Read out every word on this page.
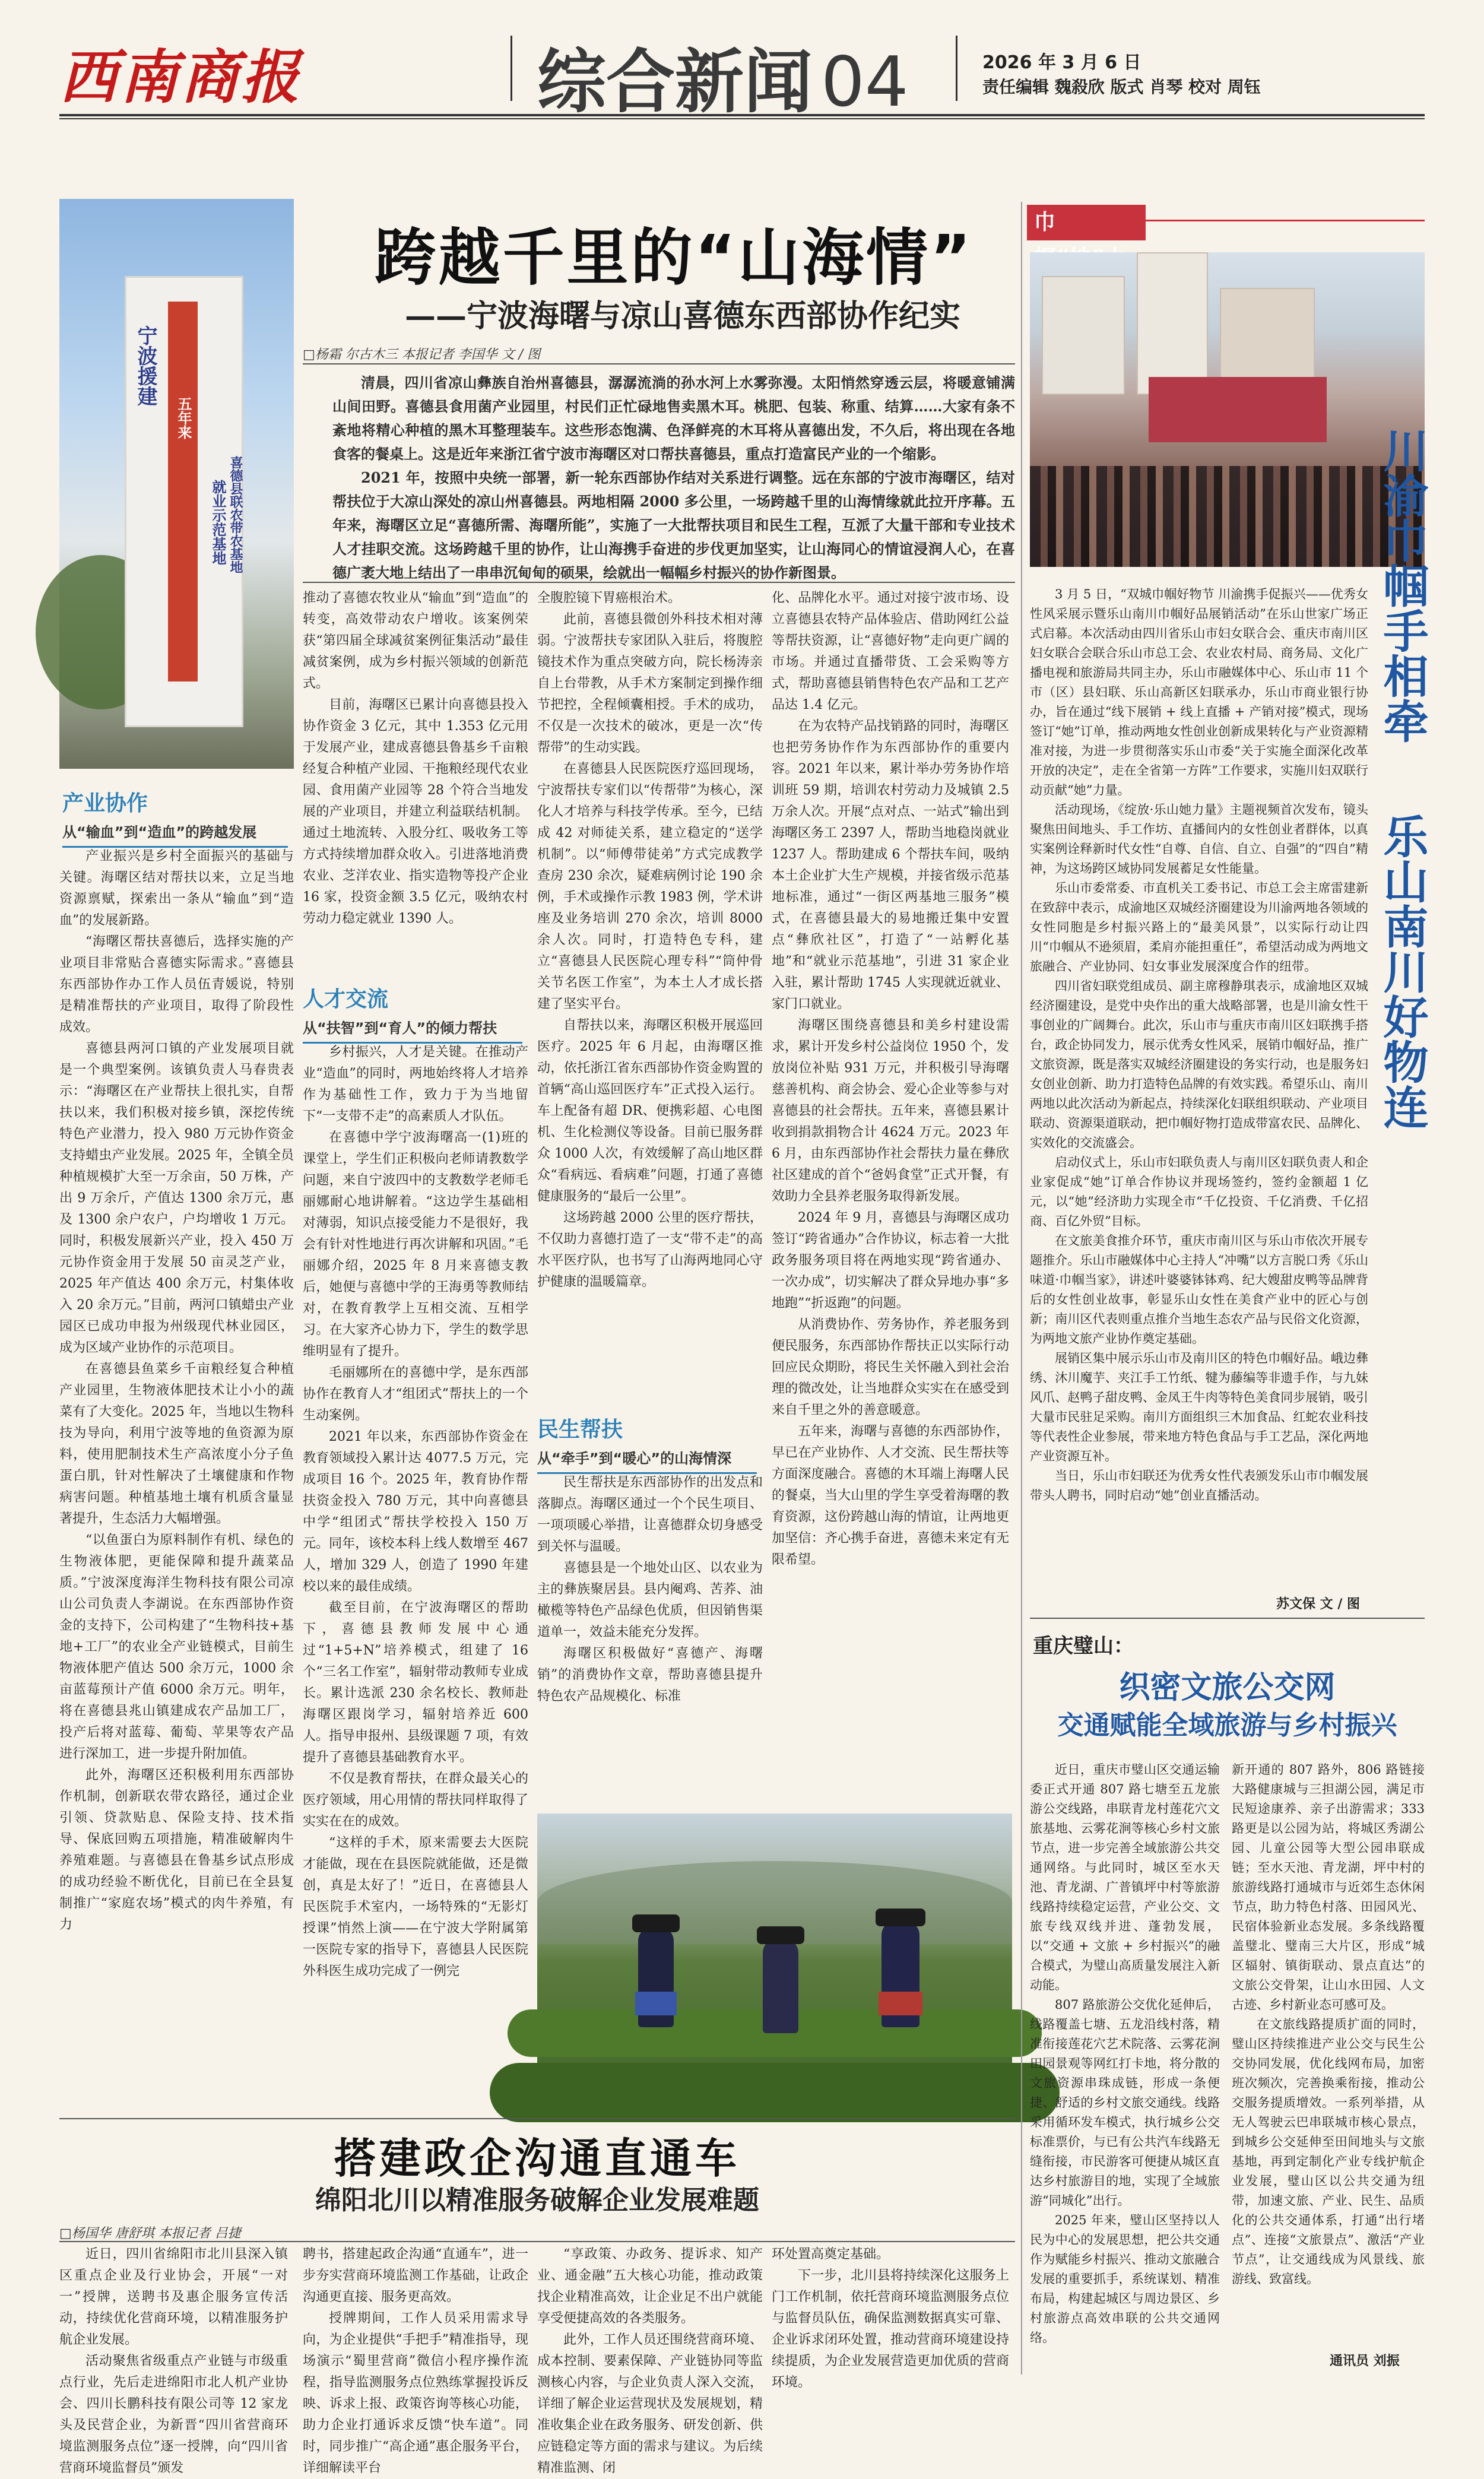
西南商报	综合新闻 04	2026 年 3 月 6 日
责任编辑 魏殺欣 版式 肖琴 校对 周钰
宁波援建
就业示范基地
五年来
喜德县联农带农基地
跨越千里的“山海情”
——宁波海曙与凉山喜德东西部协作纪实
□杨霜 尔古木三 本报记者 李国华 文 / 图

清晨，四川省凉山彝族自治州喜德县，潺潺流淌的孙水河上水雾弥漫。太阳悄然穿透云层，将暖意铺满山间田野。喜德县食用菌产业园里，村民们正忙碌地售卖黑木耳。桃肥、包装、称重、结算……大家有条不紊地将精心种植的黑木耳整理装车。这些形态饱满、色泽鲜亮的木耳将从喜德出发，不久后，将出现在各地食客的餐桌上。这是近年来浙江省宁波市海曙区对口帮扶喜德县，重点打造富民产业的一个缩影。

2021 年，按照中央统一部署，新一轮东西部协作结对关系进行调整。远在东部的宁波市海曙区，结对帮扶位于大凉山深处的凉山州喜德县。两地相隔 2000 多公里，一场跨越千里的山海情缘就此拉开序幕。五年来，海曙区立足“喜德所需、海曙所能”，实施了一大批帮扶项目和民生工程，互派了大量干部和专业技术人才挂职交流。这场跨越千里的协作，让山海携手奋进的步伐更加坚实，让山海同心的情谊浸润人心，在喜德广袤大地上结出了一串串沉甸甸的硕果，绘就出一幅幅乡村振兴的协作新图景。

产业协作
从“输血”到“造血”的跨越发展

产业振兴是乡村全面振兴的基础与关键。海曙区结对帮扶以来，立足当地资源禀赋，探索出一条从“输血”到“造血”的发展新路。

“海曙区帮扶喜德后，选择实施的产业项目非常贴合喜德实际需求。”喜德县东西部协作办工作人员伍青媛说，特别是精准帮扶的产业项目，取得了阶段性成效。

喜德县两河口镇的产业发展项目就是一个典型案例。该镇负责人马春贵表示：“海曙区在产业帮扶上很扎实，自帮扶以来，我们积极对接乡镇，深挖传统特色产业潜力，投入 980 万元协作资金支持蜡虫产业发展。2025 年，全镇全员种植规模扩大至一万余亩，50 万株，产出 9 万余斤，产值达 1300 余万元，惠及 1300 余户农户，户均增收 1 万元。同时，积极发展新兴产业，投入 450 万元协作资金用于发展 50 亩灵芝产业，2025 年产值达 400 余万元，村集体收入 20 余万元。”目前，两河口镇蜡虫产业园区已成功申报为州级现代林业园区，成为区域产业协作的示范项目。

在喜德县鱼菜乡千亩粮经复合种植产业园里，生物液体肥技术让小小的蔬菜有了大变化。2025 年，当地以生物科技为导向，利用宁波等地的鱼资源为原料，使用肥制技术生产高浓度小分子鱼蛋白肌，针对性解决了土壤健康和作物病害问题。种植基地土壤有机质含量显著提升，生态活力大幅增强。

“以鱼蛋白为原料制作有机、绿色的生物液体肥，更能保障和提升蔬菜品质。”宁波深度海洋生物科技有限公司凉山公司负责人李湖说。在东西部协作资金的支持下，公司构建了“生物科技+基地+工厂”的农业全产业链模式，目前生物液体肥产值达 500 余万元，1000 余亩蓝莓预计产值 6000 余万元。明年，将在喜德县兆山镇建成农产品加工厂，投产后将对蓝莓、葡萄、苹果等农产品进行深加工，进一步提升附加值。

此外，海曙区还积极利用东西部协作机制，创新联农带农路径，通过企业引领、贷款贴息、保险支持、技术指导、保底回购五项措施，精准破解肉牛养殖难题。与喜德县在鲁基乡试点形成的成功经验不断优化，目前已在全县复制推广“家庭农场”模式的肉牛养殖，有力

推动了喜德农牧业从“输血”到“造血”的转变，高效带动农户增收。该案例荣获“第四届全球减贫案例征集活动”最佳减贫案例，成为乡村振兴领域的创新范式。

目前，海曙区已累计向喜德县投入协作资金 3 亿元，其中 1.353 亿元用于发展产业，建成喜德县鲁基乡千亩粮经复合种植产业园、干拖粮经现代农业园、食用菌产业园等 28 个符合当地发展的产业项目，并建立利益联结机制。通过土地流转、入股分红、吸收务工等方式持续增加群众收入。引进落地消费农业、芝洋农业、指实造物等投产企业 16 家，投资金额 3.5 亿元，吸纳农村劳动力稳定就业 1390 人。

人才交流
从“扶智”到“育人”的倾力帮扶

乡村振兴，人才是关键。在推动产业“造血”的同时，两地始终将人才培养作为基础性工作，致力于为当地留下“一支带不走”的高素质人才队伍。

在喜德中学宁波海曙高一(1)班的课堂上，学生们正积极向老师请教数学问题，来自宁波四中的支教数学老师毛丽娜耐心地讲解着。“这边学生基础相对薄弱，知识点接受能力不是很好，我会有针对性地进行再次讲解和巩固。”毛丽娜介绍，2025 年 8 月来喜德支教后，她便与喜德中学的王海勇等教师结对，在教育教学上互相交流、互相学习。在大家齐心协力下，学生的数学思维明显有了提升。

毛丽娜所在的喜德中学，是东西部协作在教育人才“组团式”帮扶上的一个生动案例。

2021 年以来，东西部协作资金在教育领域投入累计达 4077.5 万元，完成项目 16 个。2025 年，教育协作帮扶资金投入 780 万元，其中向喜德县中学“组团式”帮扶学校投入 150 万元。同年，该校本科上线人数增至 467 人，增加 329 人，创造了 1990 年建校以来的最佳成绩。

截至目前，在宁波海曙区的帮助下，喜德县教师发展中心通过“1+5+N”培养模式，组建了 16 个“三名工作室”，辐射带动教师专业成长。累计选派 230 余名校长、教师赴海曙区跟岗学习，辐射培养近 600 人。指导申报州、县级课题 7 项，有效提升了喜德县基础教育水平。

不仅是教育帮扶，在群众最关心的医疗领域，用心用情的帮扶同样取得了实实在在的成效。

“这样的手术，原来需要去大医院才能做，现在在县医院就能做，还是微创，真是太好了！”近日，在喜德县人民医院手术室内，一场特殊的“无影灯授课”悄然上演——在宁波大学附属第一医院专家的指导下，喜德县人民医院外科医生成功完成了一例完

全腹腔镜下胃癌根治术。

此前，喜德县微创外科技术相对薄弱。宁波帮扶专家团队入驻后，将腹腔镜技术作为重点突破方向，院长杨涛亲自上台带教，从手术方案制定到操作细节把控，全程倾囊相授。手术的成功，不仅是一次技术的破冰，更是一次“传帮带”的生动实践。

在喜德县人民医院医疗巡回现场，宁波帮扶专家们以“传帮带”为核心，深化人才培养与科技学传承。至今，已结成 42 对师徒关系，建立稳定的“送学机制”。以“师傅带徒弟”方式完成教学查房 230 余次，疑难病例讨论 190 余例，手术或操作示教 1983 例，学术讲座及业务培训 270 余次，培训 8000 余人次。同时，打造特色专科，建立“喜德县人民医院心理专科”“筒仲骨关节名医工作室”，为本土人才成长搭建了坚实平台。

自帮扶以来，海曙区积极开展巡回医疗。2025 年 6 月起，由海曙区推动，依托浙江省东西部协作资金购置的首辆“高山巡回医疗车”正式投入运行。车上配备有超 DR、便携彩超、心电图机、生化检测仪等设备。目前已服务群众 1000 人次，有效缓解了高山地区群众“看病远、看病难”问题，打通了喜德健康服务的“最后一公里”。

这场跨越 2000 公里的医疗帮扶，不仅助力喜德打造了一支“带不走”的高水平医疗队，也书写了山海两地同心守护健康的温暖篇章。

民生帮扶
从“牵手”到“暖心”的山海情深

民生帮扶是东西部协作的出发点和落脚点。海曙区通过一个个民生项目、一项项暖心举措，让喜德群众切身感受到关怀与温暖。

喜德县是一个地处山区、以农业为主的彝族聚居县。县内阉鸡、苦荞、油橄榄等特色产品绿色优质，但因销售渠道单一，效益未能充分发挥。

海曙区积极做好“喜德产、海曙销”的消费协作文章，帮助喜德县提升特色农产品规模化、标准

化、品牌化水平。通过对接宁波市场、设立喜德县农特产品体验店、借助网红公益等帮扶资源，让“喜德好物”走向更广阔的市场。并通过直播带货、工会采购等方式，帮助喜德县销售特色农产品和工艺产品达 1.4 亿元。

在为农特产品找销路的同时，海曙区也把劳务协作作为东西部协作的重要内容。2021 年以来，累计举办劳务协作培训班 59 期，培训农村劳动力及城镇 2.5 万余人次。开展“点对点、一站式”输出到海曙区务工 2397 人，帮助当地稳岗就业 1237 人。帮助建成 6 个帮扶车间，吸纳本土企业扩大生产规模，并接省级示范基地标准，通过“一街区两基地三服务”模式，在喜德县最大的易地搬迁集中安置点“彝欣社区”，打造了“一站孵化基地”和“就业示范基地”，引进 31 家企业入驻，累计帮助 1745 人实现就近就业、家门口就业。

海曙区围绕喜德县和美乡村建设需求，累计开发乡村公益岗位 1950 个，发放岗位补贴 931 万元，并积极引导海曙慈善机构、商会协会、爱心企业等参与对喜德县的社会帮扶。五年来，喜德县累计收到捐款捐物合计 4624 万元。2023 年 6 月，由东西部协作社会帮扶力量在彝欣社区建成的首个“爸妈食堂”正式开餐，有效助力全县养老服务取得新发展。

2024 年 9 月，喜德县与海曙区成功签订“跨省通办”合作协议，标志着一大批政务服务项目将在两地实现“跨省通办、一次办成”，切实解决了群众异地办事“多地跑”“折返跑”的问题。

从消费协作、劳务协作，养老服务到便民服务，东西部协作帮扶正以实际行动回应民众期盼，将民生关怀融入到社会治理的微改处，让当地群众实实在在感受到来自千里之外的善意暖意。

五年来，海曙与喜德的东西部协作，早已在产业协作、人才交流、民生帮扶等方面深度融合。喜德的木耳端上海曙人民的餐桌，当大山里的学生享受着海曙的教育资源，这份跨越山海的情谊，让两地更加坚信：齐心携手奋进，喜德未来定有无限希望。

搭建政企沟通直通车
绵阳北川以精准服务破解企业发展难题
□杨国华 唐舒琪 本报记者 吕捷

近日，四川省绵阳市北川县深入镇区重点企业及行业协会，开展“一对一”授牌，送聘书及惠企服务宣传活动，持续优化营商环境，以精准服务护航企业发展。

活动聚焦省级重点产业链与市级重点行业，先后走进绵阳市北人机产业协会、四川长鹏科技有限公司等 12 家龙头及民营企业，为新晋“四川省营商环境监测服务点位”逐一授牌，向“四川省营商环境监督员”颁发

聘书，搭建起政企沟通“直通车”，进一步夯实营商环境监测工作基础，让政企沟通更直接、服务更高效。

授牌期间，工作人员采用需求导向，为企业提供“手把手”精准指导，现场演示“蜀里营商”微信小程序操作流程，指导监测服务点位熟练掌握投诉反映、诉求上报、政策咨询等核心功能，助力企业打通诉求反馈“快车道”。同时，同步推广“高企通”惠企服务平台，详细解读平台

“享政策、办政务、提诉求、知产业、通金融”五大核心功能，推动政策找企业精准高效，让企业足不出户就能享受便捷高效的各类服务。

此外，工作人员还围绕营商环境、成本控制、要素保障、产业链协同等监测核心内容，与企业负责人深入交流，详细了解企业运营现状及发展规划，精准收集企业在政务服务、研发创新、供应链稳定等方面的需求与建议。为后续精准监测、闭

环处置高奠定基础。

下一步，北川县将持续深化这服务上门工作机制，依托营商环境监测服务点位与监督员队伍，确保监测数据真实可靠、企业诉求闭环处置，推动营商环境建设持续提质，为企业发展营造更加优质的营商环境。

巾
川渝巾帼手相牵
乐山南川好物连

3 月 5 日，“双城巾帼好物节 川渝携手促振兴——优秀女性风采展示暨乐山南川巾帼好品展销活动”在乐山世家广场正式启幕。本次活动由四川省乐山市妇女联合会、重庆市南川区妇女联合会联合乐山市总工会、农业农村局、商务局、文化广播电视和旅游局共同主办，乐山市融媒体中心、乐山市 11 个市（区）县妇联、乐山高新区妇联承办，乐山市商业银行协办，旨在通过“线下展销 + 线上直播 + 产销对接”模式，现场签订“她”订单，推动两地女性创业创新成果转化与产业资源精准对接，为进一步贯彻落实乐山市委“关于实施全面深化改革开放的决定”，走在全省第一方阵”工作要求，实施川妇双联行动贡献“她”力量。

活动现场，《绽放·乐山她力量》主题视频首次发布，镜头聚焦田间地头、手工作坊、直播间内的女性创业者群体，以真实案例诠释新时代女性“自尊、自信、自立、自强”的“四自”精神，为这场跨区域协同发展蓄足女性能量。

乐山市委常委、市直机关工委书记、市总工会主席雷建新在致辞中表示，成渝地区双城经济圈建设为川渝两地各领域的女性同胞是乡村振兴路上的“最美风景”，以实际行动让四川“巾帼从不逊须眉，柔肩亦能担重任”，希望活动成为两地文旅融合、产业协同、妇女事业发展深度合作的纽带。

四川省妇联党组成员、副主席穆静琪表示，成渝地区双城经济圈建设，是党中央作出的重大战略部署，也是川渝女性干事创业的广阔舞台。此次，乐山市与重庆市南川区妇联携手搭台，政企协同发力，展示优秀女性风采，展销巾帼好品，推广文旅资源，既是落实双城经济圈建设的务实行动，也是服务妇女创业创新、助力打造特色品牌的有效实践。希望乐山、南川两地以此次活动为新起点，持续深化妇联组织联动、产业项目联动、资源渠道联动，把巾帼好物打造成带富农民、品牌化、实效化的交流盛会。

启动仪式上，乐山市妇联负责人与南川区妇联负责人和企业家促成“她”订单合作协议并现场签约，签约金额超 1 亿元，以“她”经济助力实现全市“千亿投资、千亿消费、千亿招商、百亿外贸”目标。

在文旅美食推介环节，重庆市南川区与乐山市依次开展专题推介。乐山市融媒体中心主持人“冲嘴”以方言脱口秀《乐山味道·巾帼当家》，讲述叶婆婆钵钵鸡、纪大嫂甜皮鸭等品牌背后的女性创业故事，彰显乐山女性在美食产业中的匠心与创新；南川区代表则重点推介当地生态农产品与民俗文化资源，为两地文旅产业协作奠定基础。

展销区集中展示乐山市及南川区的特色巾帼好品。峨边彝绣、沐川魔芋、夹江手工竹纸、犍为藤编等非遗手作，与九妹风爪、赵鸭子甜皮鸭、金凤王牛肉等特色美食同步展销，吸引大量市民驻足采购。南川方面组织三木加食品、红蛇农业科技等代表性企业参展，带来地方特色食品与手工艺品，深化两地产业资源互补。

当日，乐山市妇联还为优秀女性代表颁发乐山市巾帼发展带头人聘书，同时启动“她”创业直播活动。

苏文保 文 / 图
重庆璧山：
织密文旅公交网
交通赋能全域旅游与乡村振兴

近日，重庆市璧山区交通运输委正式开通 807 路七塘至五龙旅游公交线路，串联青龙村莲花穴文旅基地、云雾花涧等核心乡村文旅节点，进一步完善全域旅游公共交通网络。与此同时，城区至水天池、青龙湖、广普镇坪中村等旅游线路持续稳定运营，产业公交、文旅专线双线并进、蓬勃发展，以“交通 + 文旅 + 乡村振兴”的融合模式，为璧山高质量发展注入新动能。

807 路旅游公交优化延伸后，线路覆盖七塘、五龙沿线村落，精准衔接莲花穴艺术院落、云雾花涧田园景观等网红打卡地，将分散的文旅资源串珠成链，形成一条便捷、舒适的乡村文旅交通线。线路采用循环发车模式，执行城乡公交标准票价，与已有公共汽车线路无缝衔接，市民游客可便捷从城区直达乡村旅游目的地，实现了全域旅游“同城化”出行。

2025 年来，璧山区坚持以人民为中心的发展思想，把公共交通作为赋能乡村振兴、推动文旅融合发展的重要抓手，系统谋划、精准布局，构建起城区与周边景区、乡村旅游点高效串联的公共交通网络。

新开通的 807 路外，806 路链接大路健康城与三担湖公园，满足市民短途康养、亲子出游需求；333 路更是以公园为站，将城区秀湖公园、儿童公园等大型公园串联成链；至水天池、青龙湖，坪中村的旅游线路打通城市与近郊生态休闲节点，助力特色村落、田园风光、民宿体验新业态发展。多条线路覆盖璧北、璧南三大片区，形成“城区辐射、镇街联动、景点直达”的文旅公交骨架，让山水田园、人文古迹、乡村新业态可感可及。

在文旅线路提质扩面的同时，璧山区持续推进产业公交与民生公交协同发展，优化线网布局，加密班次频次，完善换乘衔接，推动公交服务提质增效。一系列举措，从无人驾驶云巴串联城市核心景点，到城乡公交延伸至田间地头与文旅基地，再到定制化产业专线护航企业发展，璧山区以公共交通为纽带，加速文旅、产业、民生、品质化的公共交通体系，打通“出行堵点”、连接“文旅景点”、激活“产业节点”，让交通线成为风景线、旅游线、致富线。

通讯员 刘振
